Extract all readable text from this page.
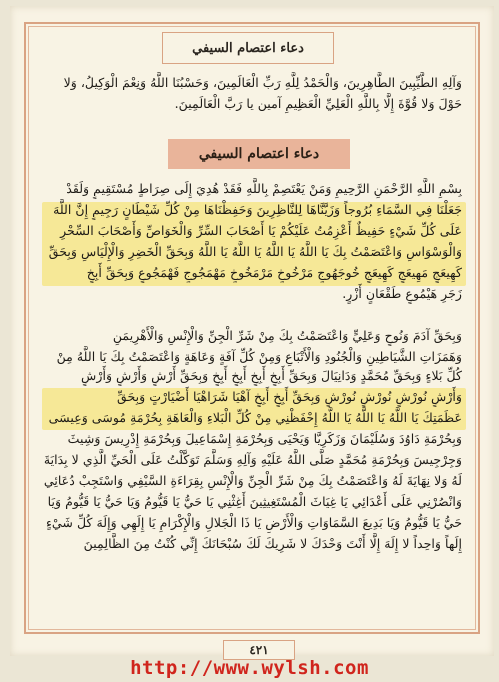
دعاء اعتصام السيفي
وَآلِهِ الطَّيِّبِينَ الطَّاهِرِينَ، وَالْحَمْدُ لِلَّهِ رَبِّ الْعَالَمِينَ، وَحَسْبُنَا اللَّهُ وَنِعْمَ الْوَكِيلُ، وَلا
حَوْلَ وَلا قُوَّةَ إِلَّا بِاللَّهِ الْعَلِيِّ الْعَظِيمِ آمين يا رَبَّ الْعَالَمِينَ.
دعاء اعتصام السيفي
بِسْمِ اللَّهِ الرَّحْمَنِ الرَّحِيمِ وَمَنْ يَعْتَصِمْ بِاللَّهِ فَقَدْ هُدِيَ إِلَى صِرَاطٍ مُسْتَقِيمٍ وَلَقَدْ
جَعَلْنَا فِي السَّمَاءِ بُرُوجاً وَزَيَّنَّاهَا لِلنَّاظِرِينَ وَحَفِظْنَاهَا مِنْ كُلِّ شَيْطَانٍ رَجِيمٍ إِنَّ اللَّهَ
عَلَى كُلِّ شَيْءٍ حَفِيظٌ أَعْزِمُتُ عَلَيْكُمْ يَا أَصْحَابَ السِّرِّ وَالْخَوَاصِّ وَأَصْحَابَ السِّحْرِ
وَالْوَسْوَاسِ وَاعْتَصَمْتُ بِكَ يَا اللَّهُ يَا اللَّهُ يَا اللَّهُ يَا اللَّهُ وَبِحَقِّ الْخَضِرِ وَالْإِلْيَاسِ وَبِحَقِّ
كَهِيعَجٍ مَهِيعَجٍ كَهِيعَجٍ خُوجَهُوجٍ مَرْخُوخٍ مَرْمَخُوخٍ مَهْمَجُوجٍ فَهْمَجُوعٍ وَبِحَقِّ أَبِخٍ
زَجَرِ هَيْمُوعٍ طَقْعَانٍ أَزْرٍ.
وَبِحَقِّ آدَمَ وَنُوحٍ وَعَلِيٍّ وَاعْتَصَمْتُ بِكَ مِنْ شَرِّ الْجِنِّ وَالْإِنْسِ وَالْأَهْرِيمَنِ
وَهَمَزَاتِ الشَّيَاطِينِ وَالْجُنُودِ وَالْأَتْبَاعِ وَمِنْ كُلِّ آفَةٍ وَعَاهَةٍ وَاعْتَصَمْتُ بِكَ يَا اللَّهُ مِنْ
كُلِّ بَلاءٍ وَبِحَقِّ مُحَمَّدٍ وَدَانِيَالَ وَبِحَقِّ أَبِخٍ أَبِخٍ أَبِخٍ أَبِخٍ وَبِحَقِّ أَرْشٍ وَأَرْشٍ وَأَرْشٍ
وَأَرْشٍ نُورْشٍ نُورْشٍ نُورْشٍ وَبِحَقِّ أَبِخٍ أَبِخٍ آهْيَا شَرَاهْيَا أَضْيَارْتٍ وَبِحَقِّ
عَظَمَتِكَ يَا اللَّهُ يَا اللَّهُ يَا اللَّهُ إِحْفَظْنِي مِنْ كُلِّ الْبَلاءِ وَالْعَاهَةِ بِحُرْمَةِ مُوسَى وَعِيسَى
وَبِحُرْمَةِ دَاوُدَ وَسُلَيْمَانَ وَزَكَرِيَّا وَيَحْيَى وَبِحُرْمَةِ إِسْمَاعِيلَ وَبِحُرْمَةِ إِدْرِيسَ وَشِيثَ
وَجِرْجِيسَ وَبِحُرْمَةِ مُحَمَّدٍ صَلَّى اللَّهُ عَلَيْهِ وَآلِهِ وَسَلَّمَ تَوَكَّلْتُ عَلَى الْحَيِّ الَّذِي لا بِدَايَةَ
لَهُ وَلا نِهَايَةَ لَهُ وَاعْتَصَمْتُ بِكَ مِنْ شَرِّ الْجِنِّ وَالْإِنْسِ بِقِرَاءَةِ السَّيْفِي وَاسْتَجِبْ دُعَائِي
وَانْصُرْنِي عَلَى أَعْدَائِي يَا غِيَاثَ الْمُسْتَغِيثِينَ أَغِثْنِي يَا حَيُّ يَا قَيُّومُ وَيَا حَيُّ يَا قَيُّومُ وَيَا
حَيُّ يَا قَيُّومُ وَيَا بَدِيعَ السَّمَاوَاتِ وَالْأَرْضِ يَا ذَا الْجَلالِ وَالْإِكْرَامِ يَا إِلَهِي وَإِلَهَ كُلِّ شَيْءٍ
إِلَهاً وَاحِداً لا إِلَهَ إِلَّا أَنْتَ وَحْدَكَ لا شَرِيكَ لَكَ سُبْحَانَكَ إِنِّي كُنْتُ مِنَ الظَّالِمِينَ
٤٢١
http://www.wylsh.com
